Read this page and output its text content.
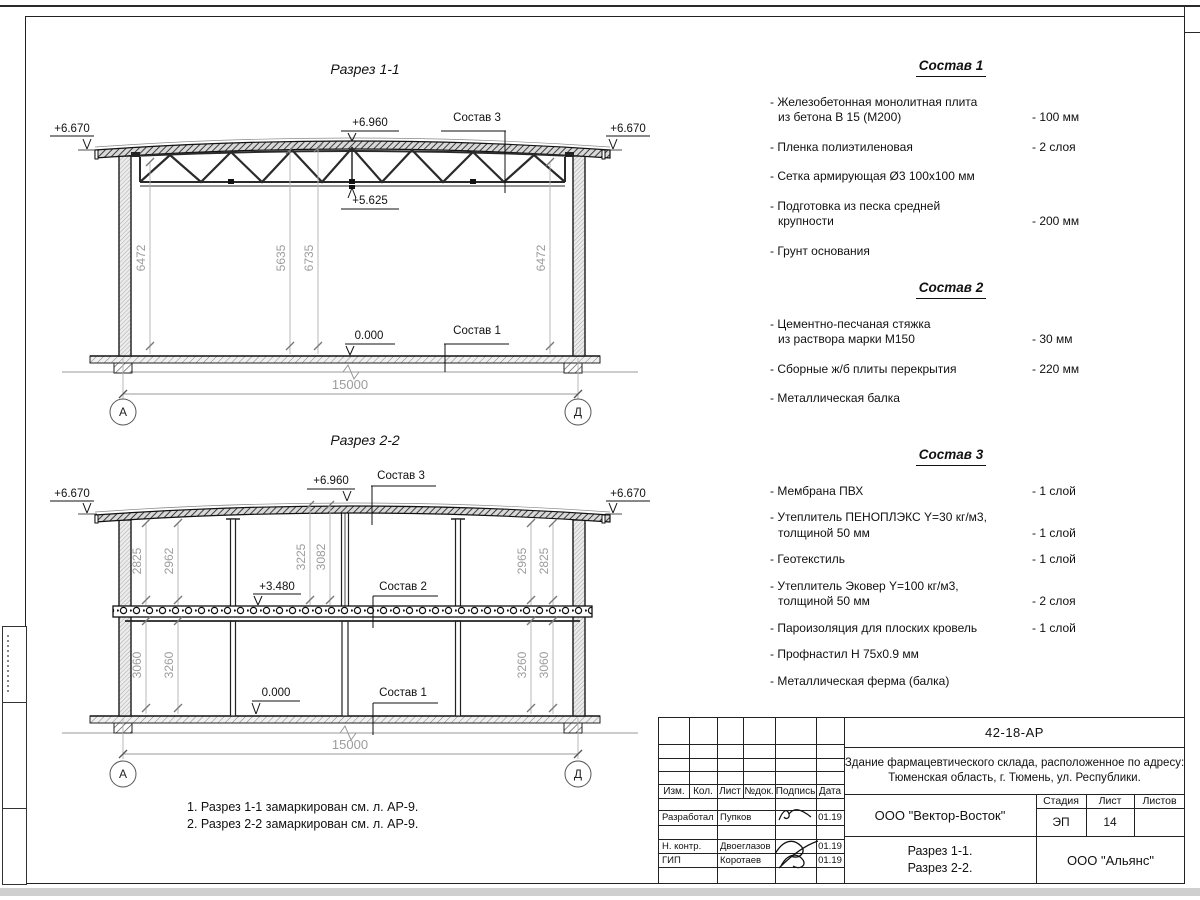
Разрез 1-1
6472	5635 6735	6472
+6.670	+6.670
+6.960
+5.625
0.000
Состав 3
Состав 1
15000
А	Д
Разрез 2-2
2825 2962	3225 3082	2965 2825
3060 3260	3260 3060
+6.670	+6.670
+6.960
+3.480
0.000
Состав 3
Состав 2
Состав 1
15000
А	Д
Состав 1
- Железобетонная монолитная плита
из бетона В 15 (М200)	- 100 мм
- Пленка полиэтиленовая	- 2 слоя
- Сетка армирующая Ø3 100х100 мм
- Подготовка из песка средней
крупности	- 200 мм
- Грунт основания
Состав 2
- Цементно-песчаная стяжка
из раствора марки М150	- 30 мм
- Сборные ж/б плиты перекрытия	- 220 мм
- Металлическая балка
Состав 3
- Мембрана ПВХ	- 1 слой
- Утеплитель ПЕНОПЛЭКС Y=30 кг/м3,
толщиной 50 мм	- 1 слой
- Геотекстиль	- 1 слой
- Утеплитель Эковер Y=100 кг/м3,
толщиной 50 мм	- 2 слоя
- Пароизоляция для плоских кровель	- 1 слой
- Профнастил Н 75х0.9 мм
- Металлическая ферма (балка)
1. Разрез 1-1 замаркирован см. л. АР-9.
2. Разрез 2-2 замаркирован см. л. АР-9.
Изм. Кол. Лист №док. Подпись Дата
Разработал Пупков	01.19
Н. контр.	Двоеглазов	01.19
ГИП	Коротаев	01.19
42-18-АР
Здание фармацевтического склада, расположенное по адресу:
Тюменская область, г. Тюмень, ул. Республики.
ООО "Вектор-Восток"
Стадия	Лист	Листов
ЭП	14
Разрез 1-1.
Разрез 2-2.
ООО "Альянс"
